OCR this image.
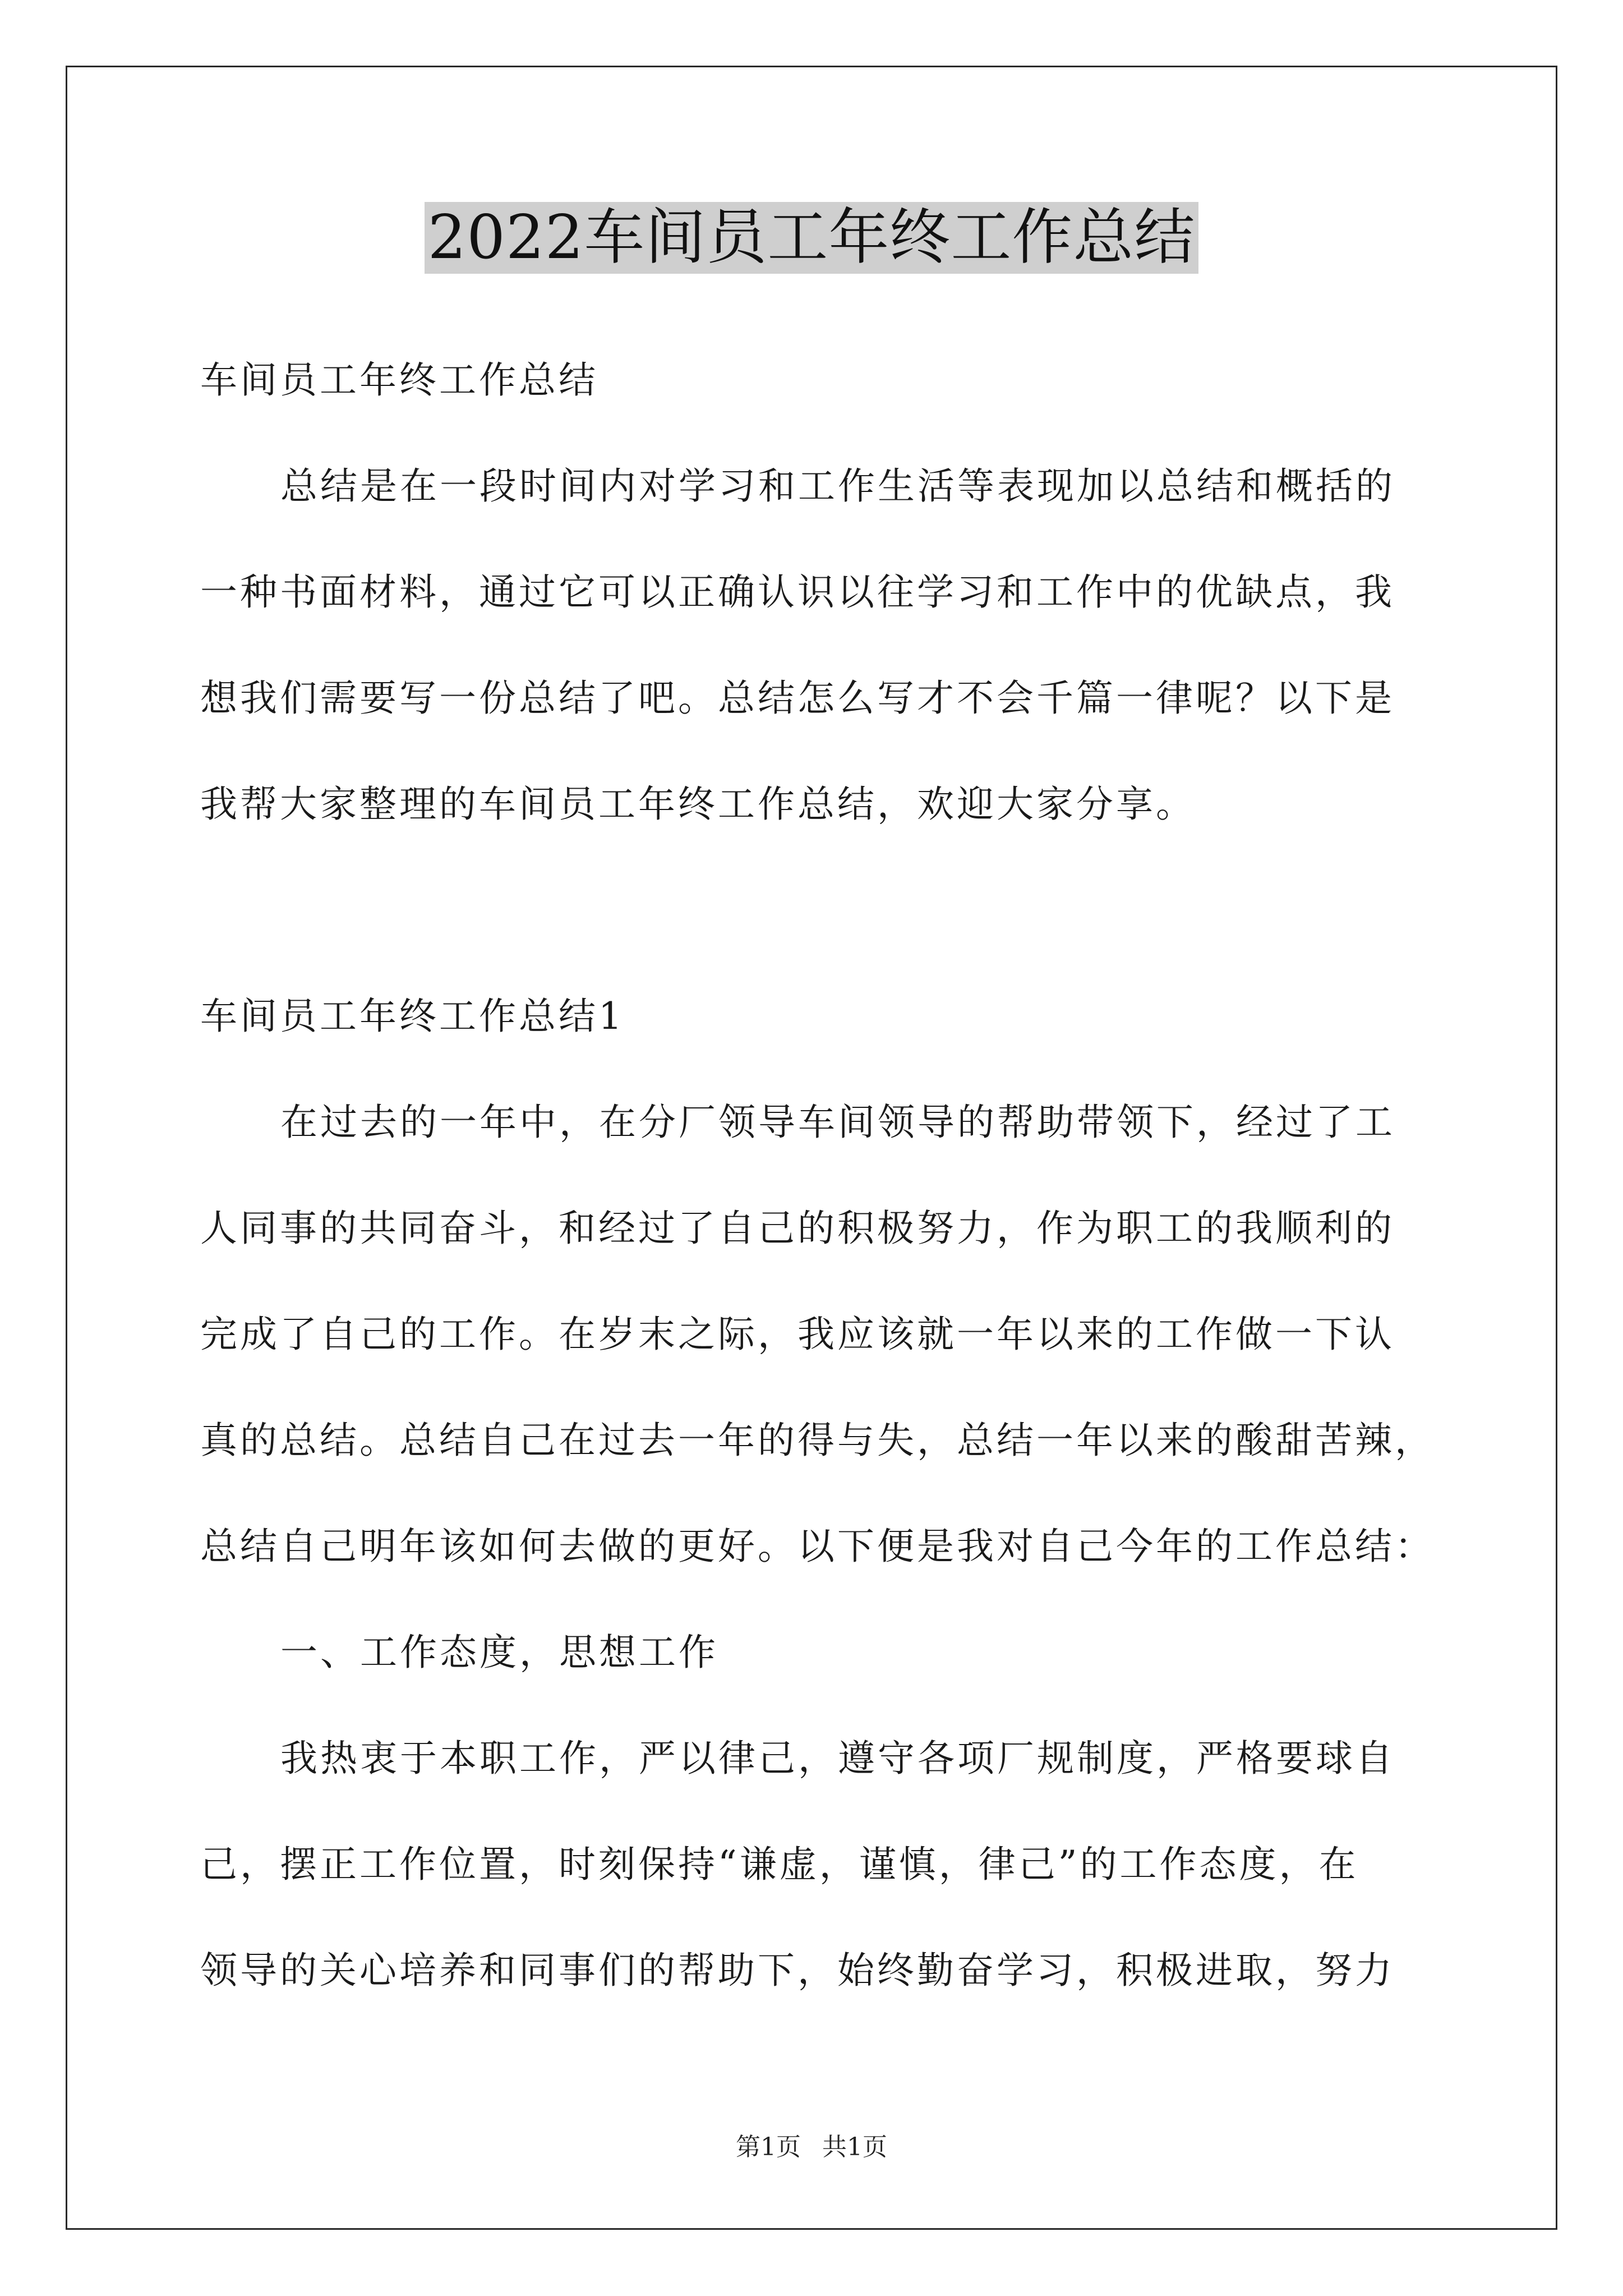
2022车间员工年终工作总结
车间员工年终工作总结
总结是在一段时间内对学习和工作生活等表现加以总结和概括的
一种书面材料，通过它可以正确认识以往学习和工作中的优缺点，我
想我们需要写一份总结了吧。总结怎么写才不会千篇一律呢？以下是
我帮大家整理的车间员工年终工作总结，欢迎大家分享。
车间员工年终工作总结1
在过去的一年中，在分厂领导车间领导的帮助带领下，经过了工
人同事的共同奋斗，和经过了自己的积极努力，作为职工的我顺利的
完成了自己的工作。在岁末之际，我应该就一年以来的工作做一下认
真的总结。总结自己在过去一年的得与失，总结一年以来的酸甜苦辣，
总结自己明年该如何去做的更好。以下便是我对自己今年的工作总结：
一、工作态度，思想工作
我热衷于本职工作，严以律己，遵守各项厂规制度，严格要球自
己，摆正工作位置，时刻保持“谦虚，谨慎，律己”的工作态度，在
领导的关心培养和同事们的帮助下，始终勤奋学习，积极进取，努力
第1页 共1页
